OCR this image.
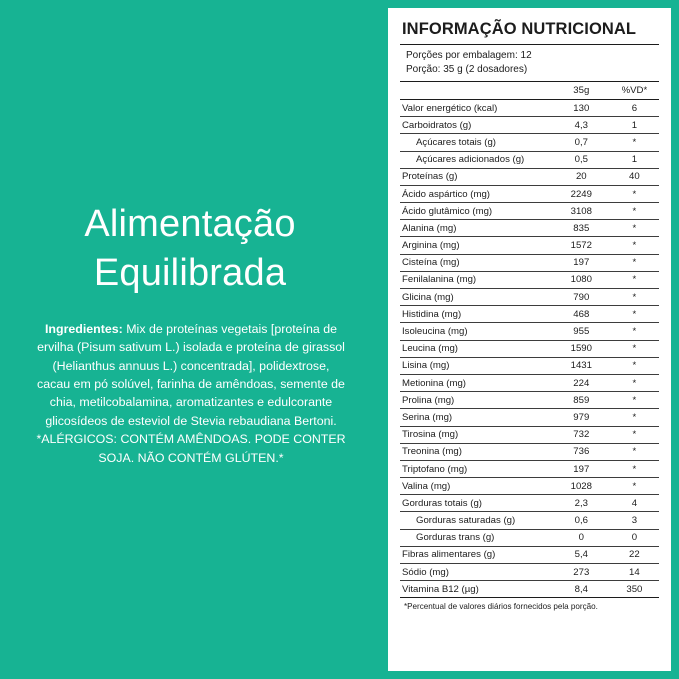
Alimentação
Equilibrada
Ingredientes: Mix de proteínas vegetais [proteína de ervilha (Pisum sativum L.) isolada e proteína de girassol (Helianthus annuus L.) concentrada], polidextrose, cacau em pó solúvel, farinha de amêndoas, semente de chia, metilcobalamina, aromatizantes e edulcorante glicosídeos de esteviol de Stevia rebaudiana Bertoni.
*ALÉRGICOS: CONTÉM AMÊNDOAS. PODE CONTER SOJA. NÃO CONTÉM GLÚTEN.*
INFORMAÇÃO NUTRICIONAL
Porções por embalagem: 12
Porção: 35 g (2 dosadores)
	35g	%VD*
Valor energético (kcal)	130	6
Carboidratos (g)	4,3	1
Açúcares totais (g)	0,7	*
Açúcares adicionados (g)	0,5	1
Proteínas (g)	20	40
Ácido aspártico (mg)	2249	*
Ácido glutâmico (mg)	3108	*
Alanina (mg)	835	*
Arginina (mg)	1572	*
Cisteína (mg)	197	*
Fenilalanina (mg)	1080	*
Glicina (mg)	790	*
Histidina (mg)	468	*
Isoleucina (mg)	955	*
Leucina (mg)	1590	*
Lisina (mg)	1431	*
Metionina (mg)	224	*
Prolina (mg)	859	*
Serina (mg)	979	*
Tirosina (mg)	732	*
Treonina (mg)	736	*
Triptofano (mg)	197	*
Valina (mg)	1028	*
Gorduras totais (g)	2,3	4
Gorduras saturadas (g)	0,6	3
Gorduras trans (g)	0	0
Fibras alimentares (g)	5,4	22
Sódio (mg)	273	14
Vitamina B12 (µg)	8,4	350
*Percentual de valores diários fornecidos pela porção.
